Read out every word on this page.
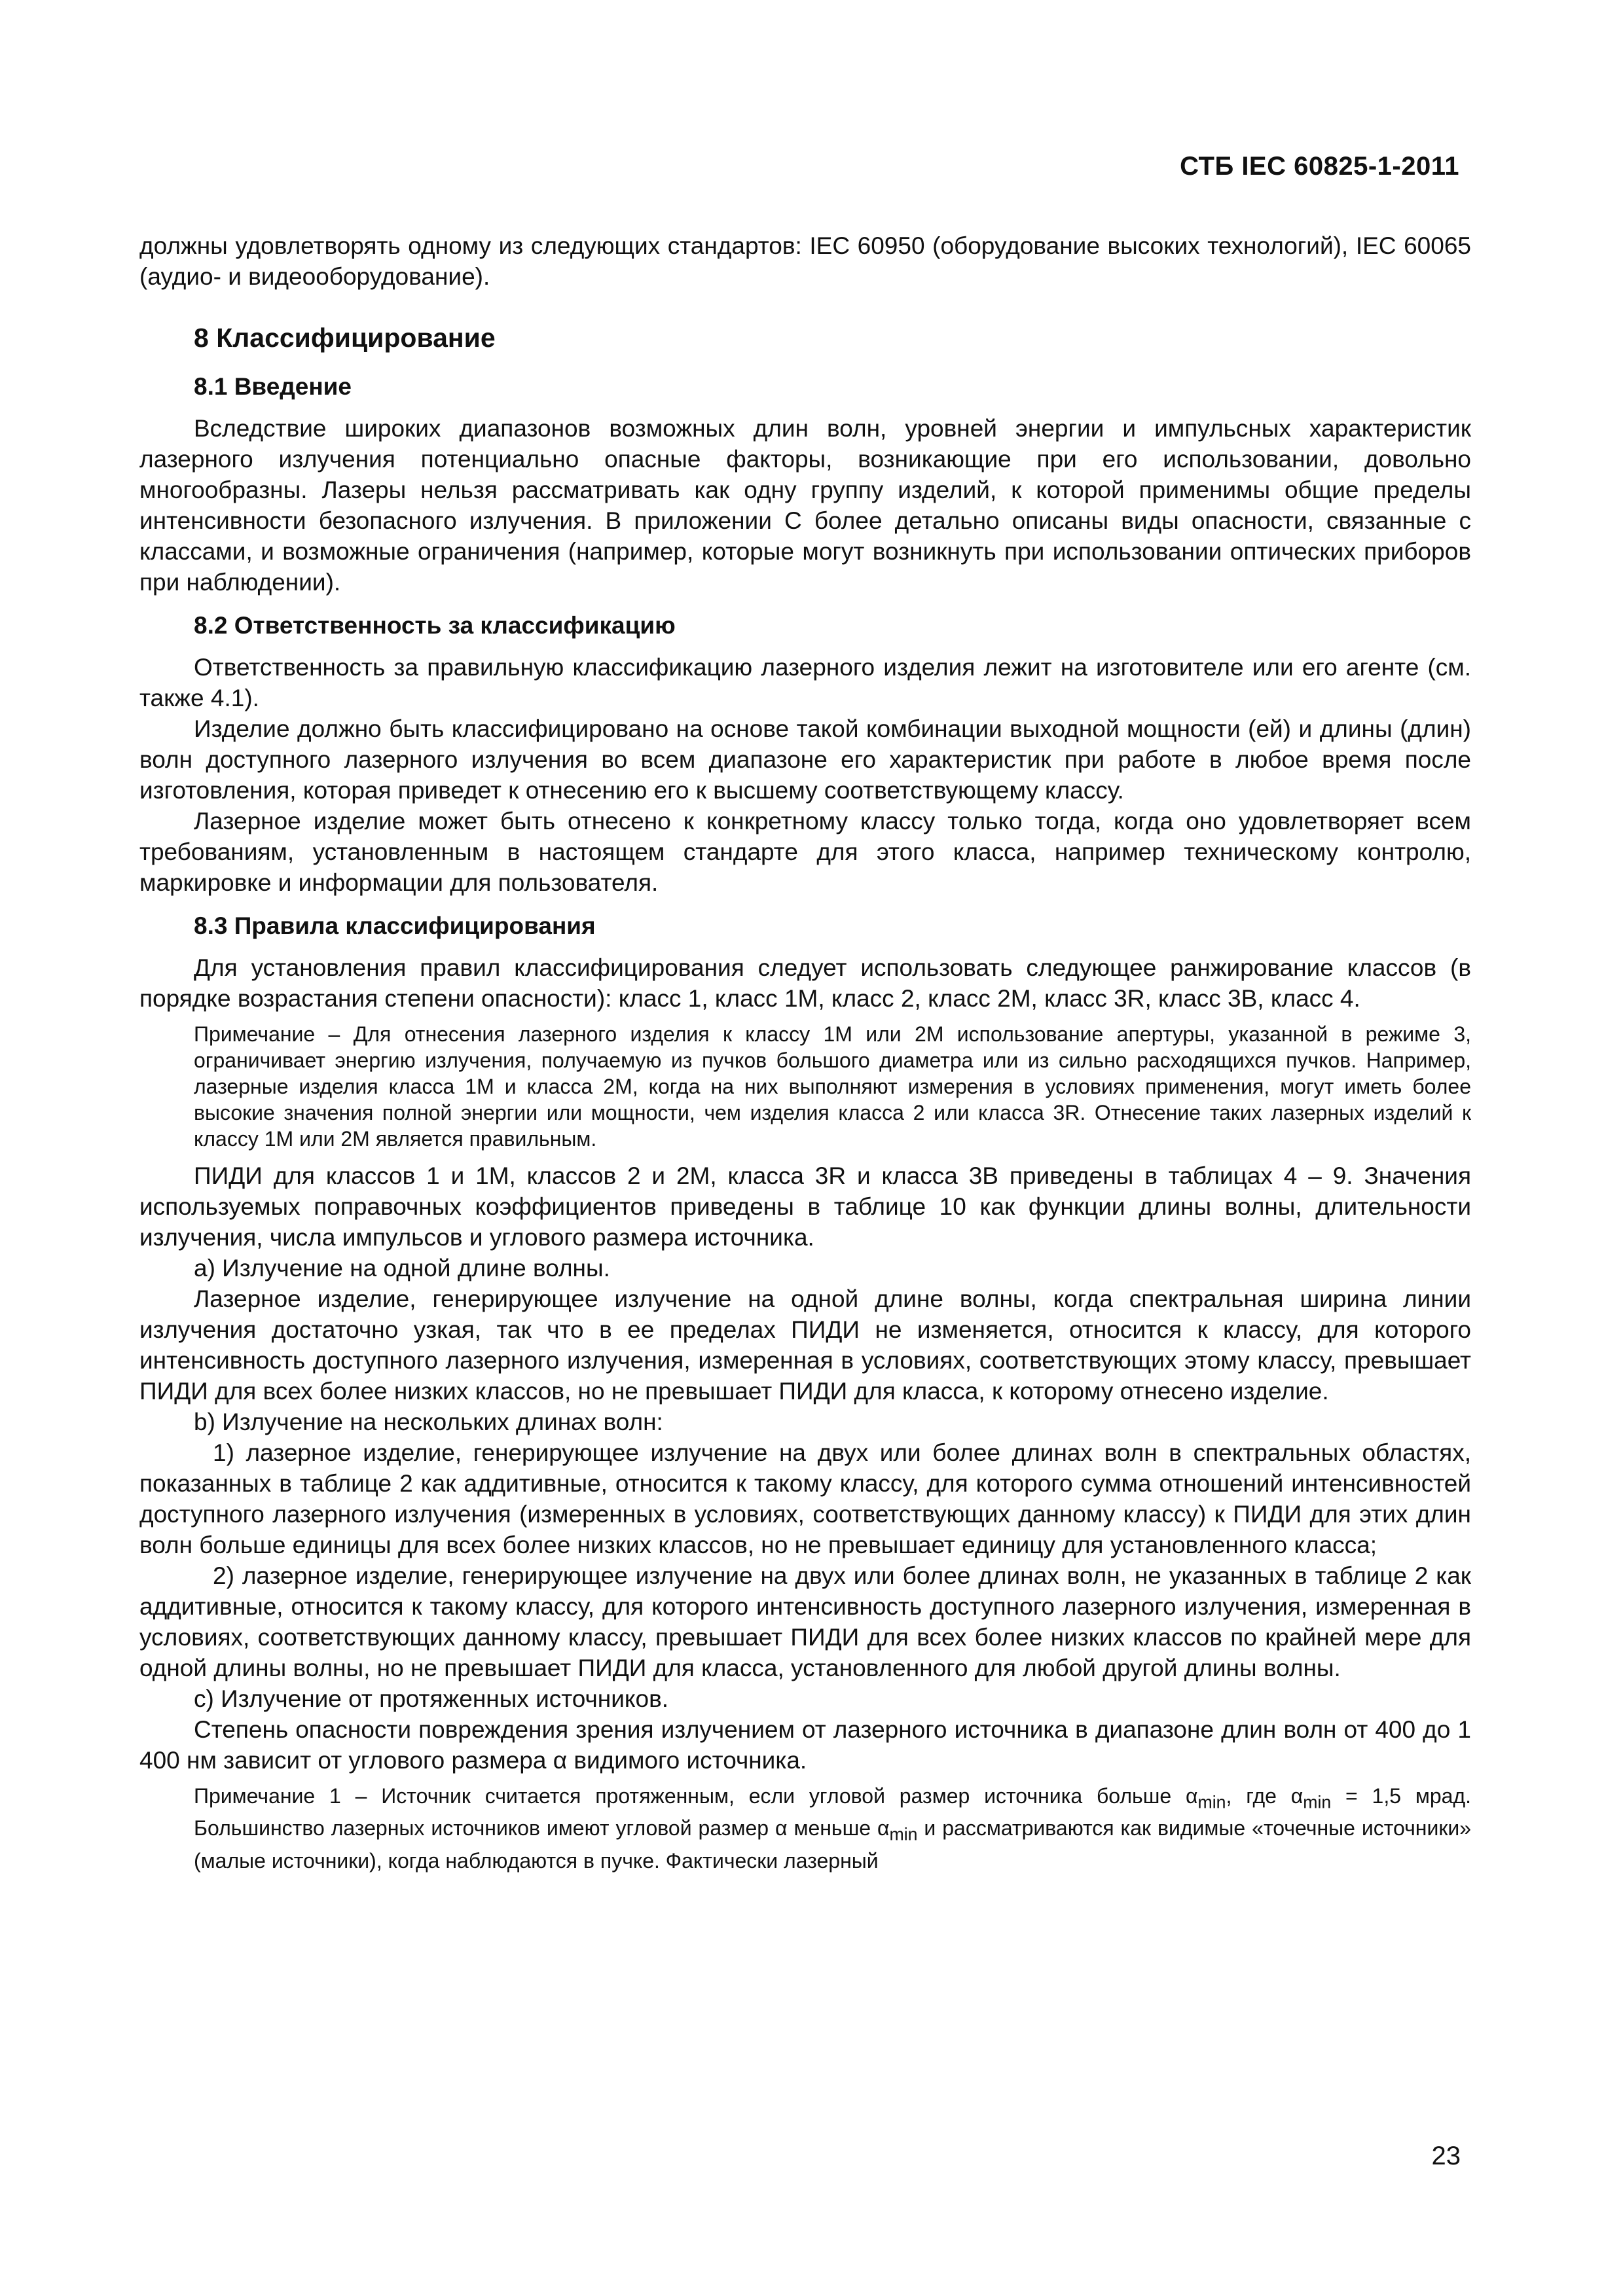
СТБ IEC 60825-1-2011

должны удовлетворять одному из следующих стандартов: IEC 60950 (оборудование высоких технологий), IEC 60065 (аудио- и видеооборудование).

8 Классифицирование

8.1 Введение

Вследствие широких диапазонов возможных длин волн, уровней энергии и импульсных характеристик лазерного излучения потенциально опасные факторы, возникающие при его использовании, довольно многообразны. Лазеры нельзя рассматривать как одну группу изделий, к которой применимы общие пределы интенсивности безопасного излучения. В приложении С более детально описаны виды опасности, связанные с классами, и возможные ограничения (например, которые могут возникнуть при использовании оптических приборов при наблюдении).

8.2 Ответственность за классификацию

Ответственность за правильную классификацию лазерного изделия лежит на изготовителе или его агенте (см. также 4.1).

Изделие должно быть классифицировано на основе такой комбинации выходной мощности (ей) и длины (длин) волн доступного лазерного излучения во всем диапазоне его характеристик при работе в любое время после изготовления, которая приведет к отнесению его к высшему соответствующему классу.

Лазерное изделие может быть отнесено к конкретному классу только тогда, когда оно удовлетворяет всем требованиям, установленным в настоящем стандарте для этого класса, например техническому контролю, маркировке и информации для пользователя.

8.3 Правила классифицирования

Для установления правил классифицирования следует использовать следующее ранжирование классов (в порядке возрастания степени опасности): класс 1, класс 1М, класс 2, класс 2М, класс 3R, класс 3B, класс 4.

Примечание – Для отнесения лазерного изделия к классу 1М или 2М использование апертуры, указанной в режиме 3, ограничивает энергию излучения, получаемую из пучков большого диаметра или из сильно расходящихся пучков. Например, лазерные изделия класса 1М и класса 2М, когда на них выполняют измерения в условиях применения, могут иметь более высокие значения полной энергии или мощности, чем изделия класса 2 или класса 3R. Отнесение таких лазерных изделий к классу 1М или 2М является правильным.

ПИДИ для классов 1 и 1М, классов 2 и 2М, класса 3R и класса 3B приведены в таблицах 4 – 9. Значения используемых поправочных коэффициентов приведены в таблице 10 как функции длины волны, длительности излучения, числа импульсов и углового размера источника.

а) Излучение на одной длине волны.

Лазерное изделие, генерирующее излучение на одной длине волны, когда спектральная ширина линии излучения достаточно узкая, так что в ее пределах ПИДИ не изменяется, относится к классу, для которого интенсивность доступного лазерного излучения, измеренная в условиях, соответствующих этому классу, превышает ПИДИ для всех более низких классов, но не превышает ПИДИ для класса, к которому отнесено изделие.

b) Излучение на нескольких длинах волн:

1) лазерное изделие, генерирующее излучение на двух или более длинах волн в спектральных областях, показанных в таблице 2 как аддитивные, относится к такому классу, для которого сумма отношений интенсивностей доступного лазерного излучения (измеренных в условиях, соответствующих данному классу) к ПИДИ для этих длин волн больше единицы для всех более низких классов, но не превышает единицу для установленного класса;

2) лазерное изделие, генерирующее излучение на двух или более длинах волн, не указанных в таблице 2 как аддитивные, относится к такому классу, для которого интенсивность доступного лазерного излучения, измеренная в условиях, соответствующих данному классу, превышает ПИДИ для всех более низких классов по крайней мере для одной длины волны, но не превышает ПИДИ для класса, установленного для любой другой длины волны.

с) Излучение от протяженных источников.

Степень опасности повреждения зрения излучением от лазерного источника в диапазоне длин волн от 400 до 1 400 нм зависит от углового размера α видимого источника.

Примечание 1 – Источник считается протяженным, если угловой размер источника больше $\alpha_{min}$, где $\alpha_{min} = 1,5$ мрад. Большинство лазерных источников имеют угловой размер α меньше $\alpha_{min}$ и рассматриваются как видимые «точечные источники» (малые источники), когда наблюдаются в пучке. Фактически лазерный

23
